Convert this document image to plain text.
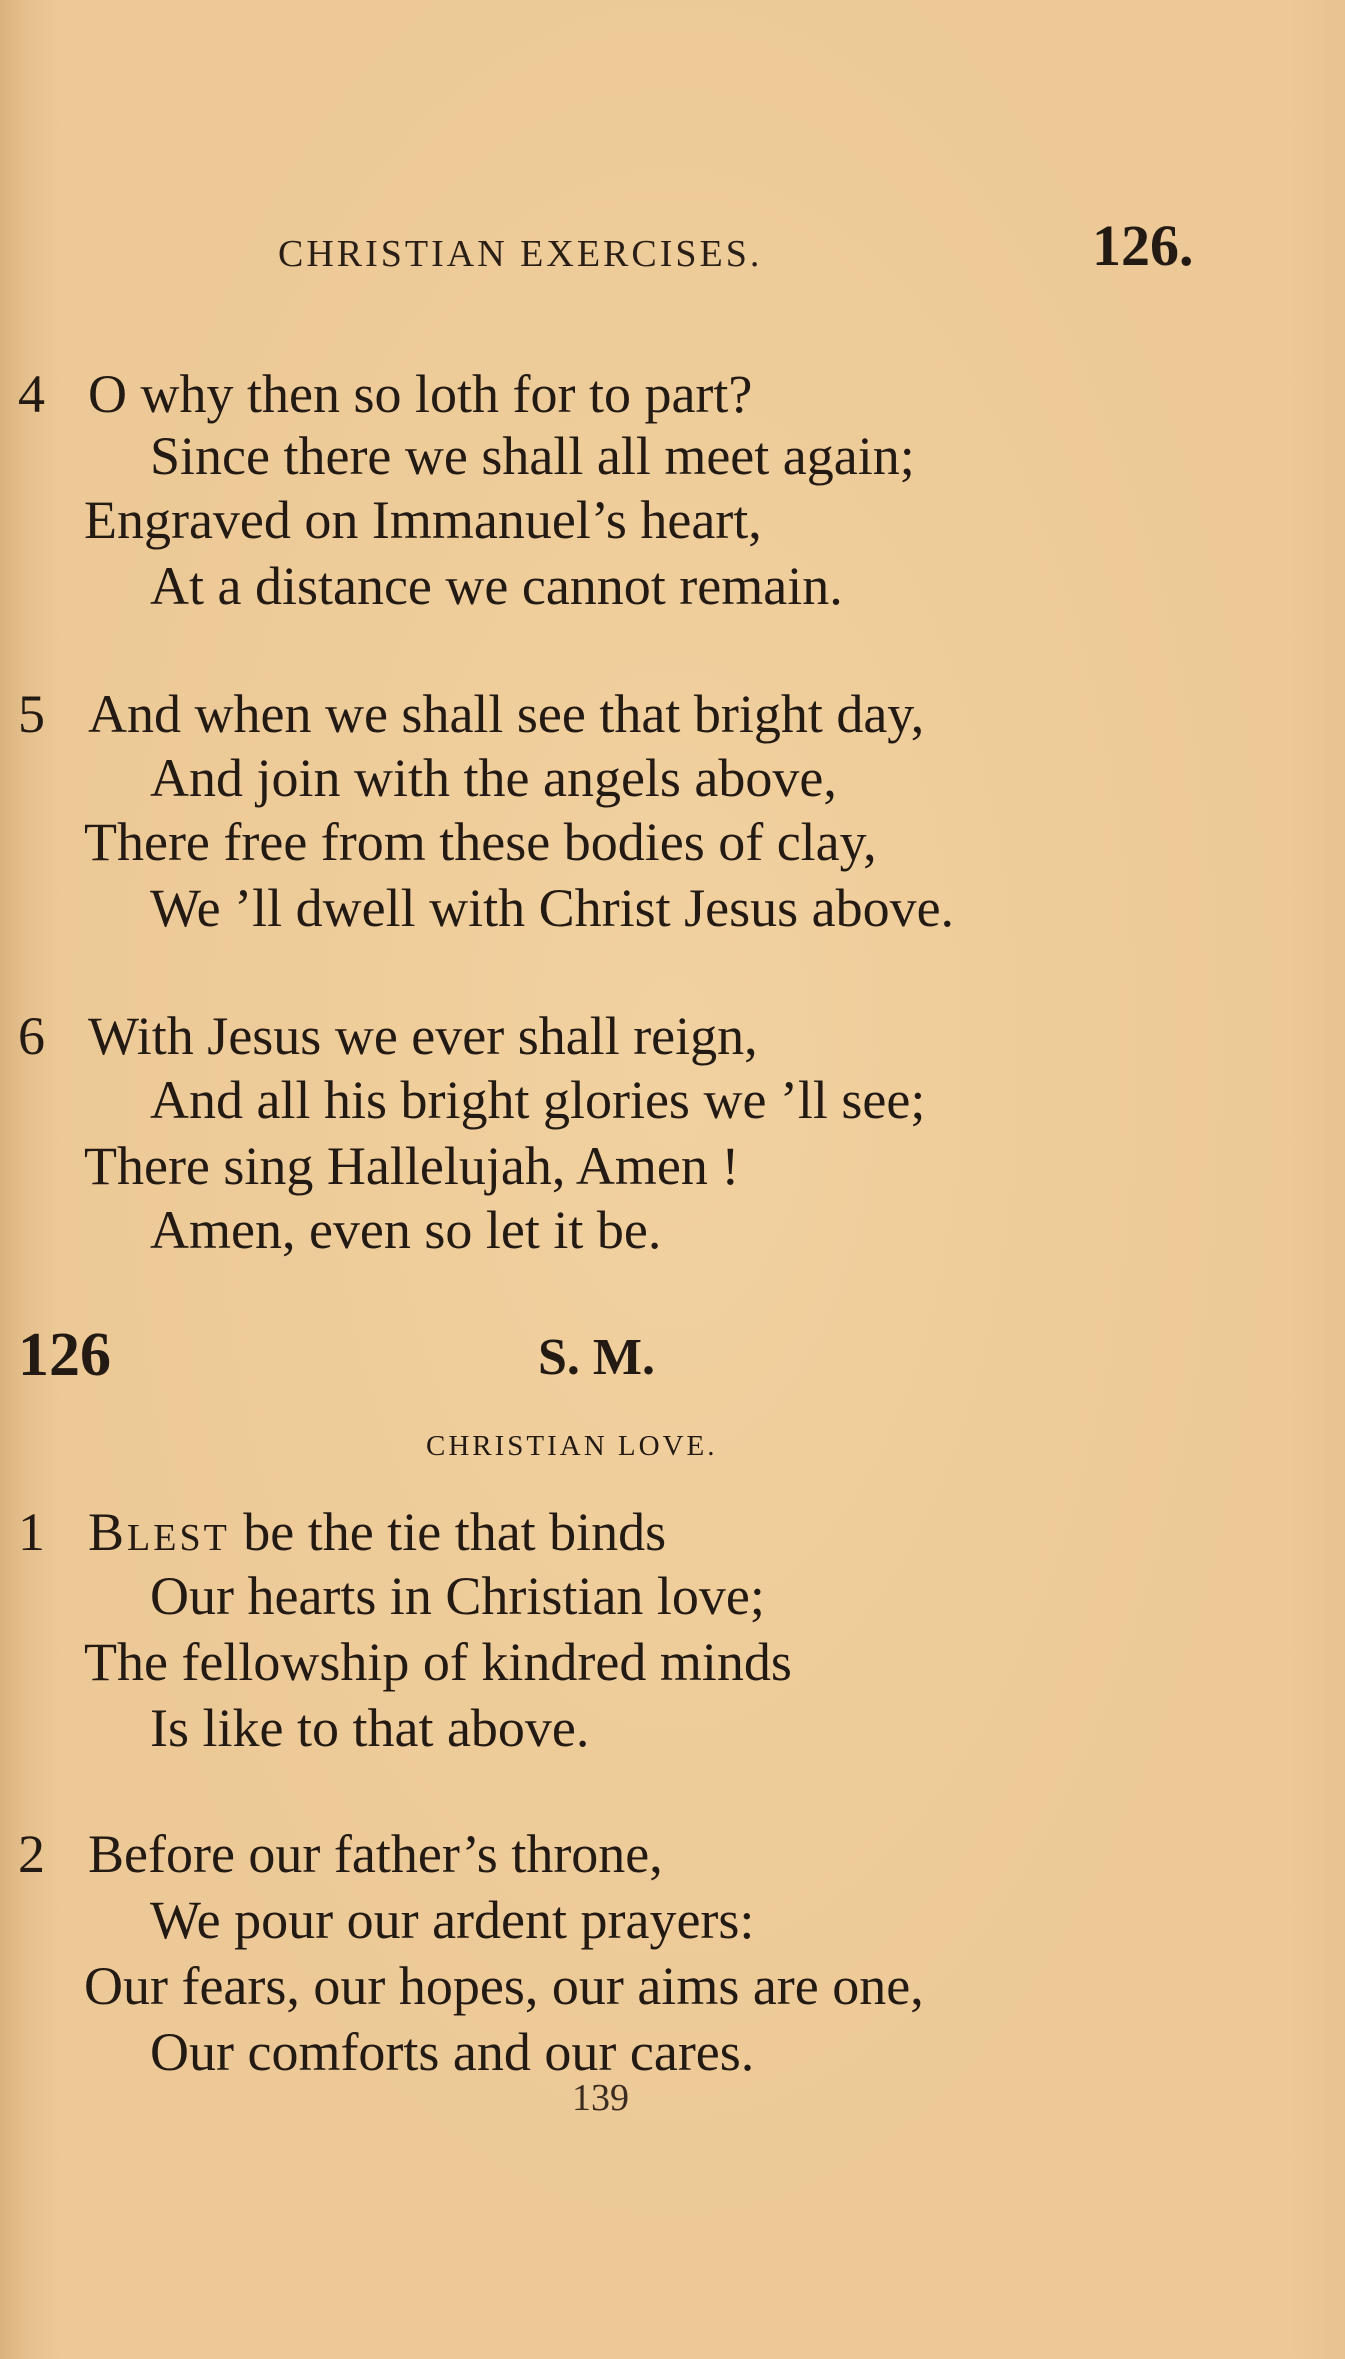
CHRISTIAN EXERCISES.	126.
4 O why then so loth for to part?
Since there we shall all meet again;
Engraved on Immanuel’s heart,
At a distance we cannot remain.
5 And when we shall see that bright day,
And join with the angels above,
There free from these bodies of clay,
We ’ll dwell with Christ Jesus above.
6 With Jesus we ever shall reign,
And all his bright glories we ’ll see;
There sing Hallelujah, Amen !
Amen, even so let it be.
126	S. M.
CHRISTIAN LOVE.
1 Blest be the tie that binds
Our hearts in Christian love;
The fellowship of kindred minds
Is like to that above.
2 Before our father’s throne,
We pour our ardent prayers:
Our fears, our hopes, our aims are one,
Our comforts and our cares.
139
